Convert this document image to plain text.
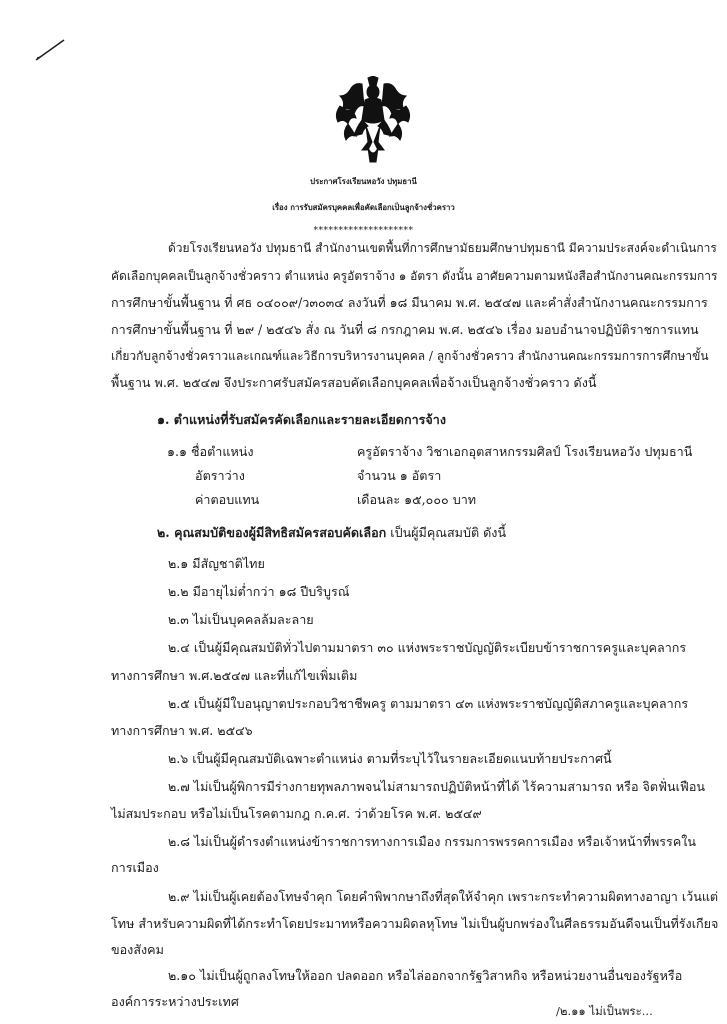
ประกาศโรงเรียนหอวัง ปทุมธานี
เรื่อง การรับสมัครบุคคลเพื่อคัดเลือกเป็นลูกจ้างชั่วคราว
********************
ด้วยโรงเรียนหอวัง ปทุมธานี สำนักงานเขตพื้นที่การศึกษามัธยมศึกษาปทุมธานี มีความประสงค์จะดำเนินการ
คัดเลือกบุคคลเป็นลูกจ้างชั่วคราว ตำแหน่ง ครูอัตราจ้าง ๑ อัตรา ดังนั้น อาศัยความตามหนังสือสำนักงานคณะกรรมการ
การศึกษาขั้นพื้นฐาน ที่ ศธ ๐๔๐๐๙/ว๓๐๓๔ ลงวันที่ ๑๘ มีนาคม พ.ศ. ๒๕๔๗ และคำสั่งสำนักงานคณะกรรมการ
การศึกษาขั้นพื้นฐาน ที่ ๒๙ / ๒๕๔๖ สั่ง ณ วันที่ ๘ กรกฎาคม พ.ศ. ๒๕๔๖ เรื่อง มอบอำนาจปฏิบัติราชการแทน
เกี่ยวกับลูกจ้างชั่วคราวและเกณฑ์และวิธีการบริหารงานบุคคล / ลูกจ้างชั่วคราว สำนักงานคณะกรรมการการศึกษาขั้น
พื้นฐาน พ.ศ. ๒๕๔๗ จึงประกาศรับสมัครสอบคัดเลือกบุคคลเพื่อจ้างเป็นลูกจ้างชั่วคราว ดังนี้
๑. ตำแหน่งที่รับสมัครคัดเลือกและรายละเอียดการจ้าง
๑.๑ ชื่อตำแหน่ง	ครูอัตราจ้าง วิชาเอกอุตสาหกรรมศิลป์ โรงเรียนหอวัง ปทุมธานี
อัตราว่าง	จำนวน ๑ อัตรา
ค่าตอบแทน	เดือนละ ๑๕,๐๐๐ บาท
๒. คุณสมบัติของผู้มีสิทธิสมัครสอบคัดเลือก เป็นผู้มีคุณสมบัติ ดังนี้
๒.๑ มีสัญชาติไทย
๒.๒ มีอายุไม่ต่ำกว่า ๑๘ ปีบริบูรณ์
๒.๓ ไม่เป็นบุคคลล้มละลาย
๒.๔ เป็นผู้มีคุณสมบัติทั่วไปตามมาตรา ๓๐ แห่งพระราชบัญญัติระเบียบข้าราชการครูและบุคลากร
ทางการศึกษา พ.ศ.๒๕๔๗ และที่แก้ไขเพิ่มเติม
๒.๕ เป็นผู้มีใบอนุญาตประกอบวิชาชีพครู ตามมาตรา ๔๓ แห่งพระราชบัญญัติสภาครูและบุคลากร
ทางการศึกษา พ.ศ. ๒๕๔๖
๒.๖ เป็นผู้มีคุณสมบัติเฉพาะตำแหน่ง ตามที่ระบุไว้ในรายละเอียดแนบท้ายประกาศนี้
๒.๗ ไม่เป็นผู้พิการมีร่างกายทุพลภาพจนไม่สามารถปฏิบัติหน้าที่ได้ ไร้ความสามารถ หรือ จิตฟั่นเฟือน
ไม่สมประกอบ หรือไม่เป็นโรคตามกฎ ก.ค.ศ. ว่าด้วยโรค พ.ศ. ๒๕๔๙
๒.๘ ไม่เป็นผู้ดำรงตำแหน่งข้าราชการทางการเมือง กรรมการพรรคการเมือง หรือเจ้าหน้าที่พรรคใน
การเมือง
๒.๙ ไม่เป็นผู้เคยต้องโทษจำคุก โดยคำพิพากษาถึงที่สุดให้จำคุก เพราะกระทำความผิดทางอาญา เว้นแต่
โทษ สำหรับความผิดที่ได้กระทำโดยประมาทหรือความผิดลหุโทษ ไม่เป็นผู้บกพร่องในศีลธรรมอันดีจนเป็นที่รังเกียจ
ของสังคม
๒.๑๐ ไม่เป็นผู้ถูกลงโทษให้ออก ปลดออก หรือไล่ออกจากรัฐวิสาหกิจ หรือหน่วยงานอื่นของรัฐหรือ
องค์การระหว่างประเทศ
/๒.๑๑ ไม่เป็นพระ...
